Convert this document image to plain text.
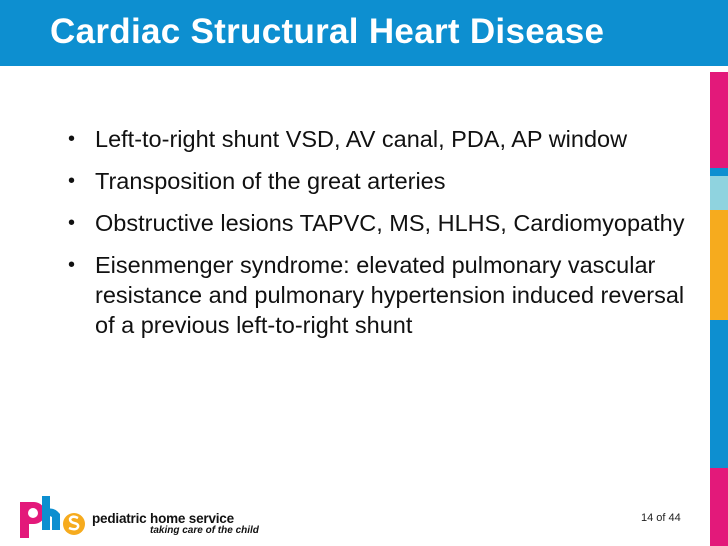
Cardiac Structural Heart Disease
• Left-to-right shunt VSD, AV canal, PDA, AP window
• Transposition of the great arteries
• Obstructive lesions TAPVC, MS, HLHS, Cardiomyopathy
• Eisenmenger syndrome: elevated pulmonary vascular resistance and pulmonary hypertension induced reversal of a previous left-to-right shunt
pediatric home service
taking care of the child
14 of 44
